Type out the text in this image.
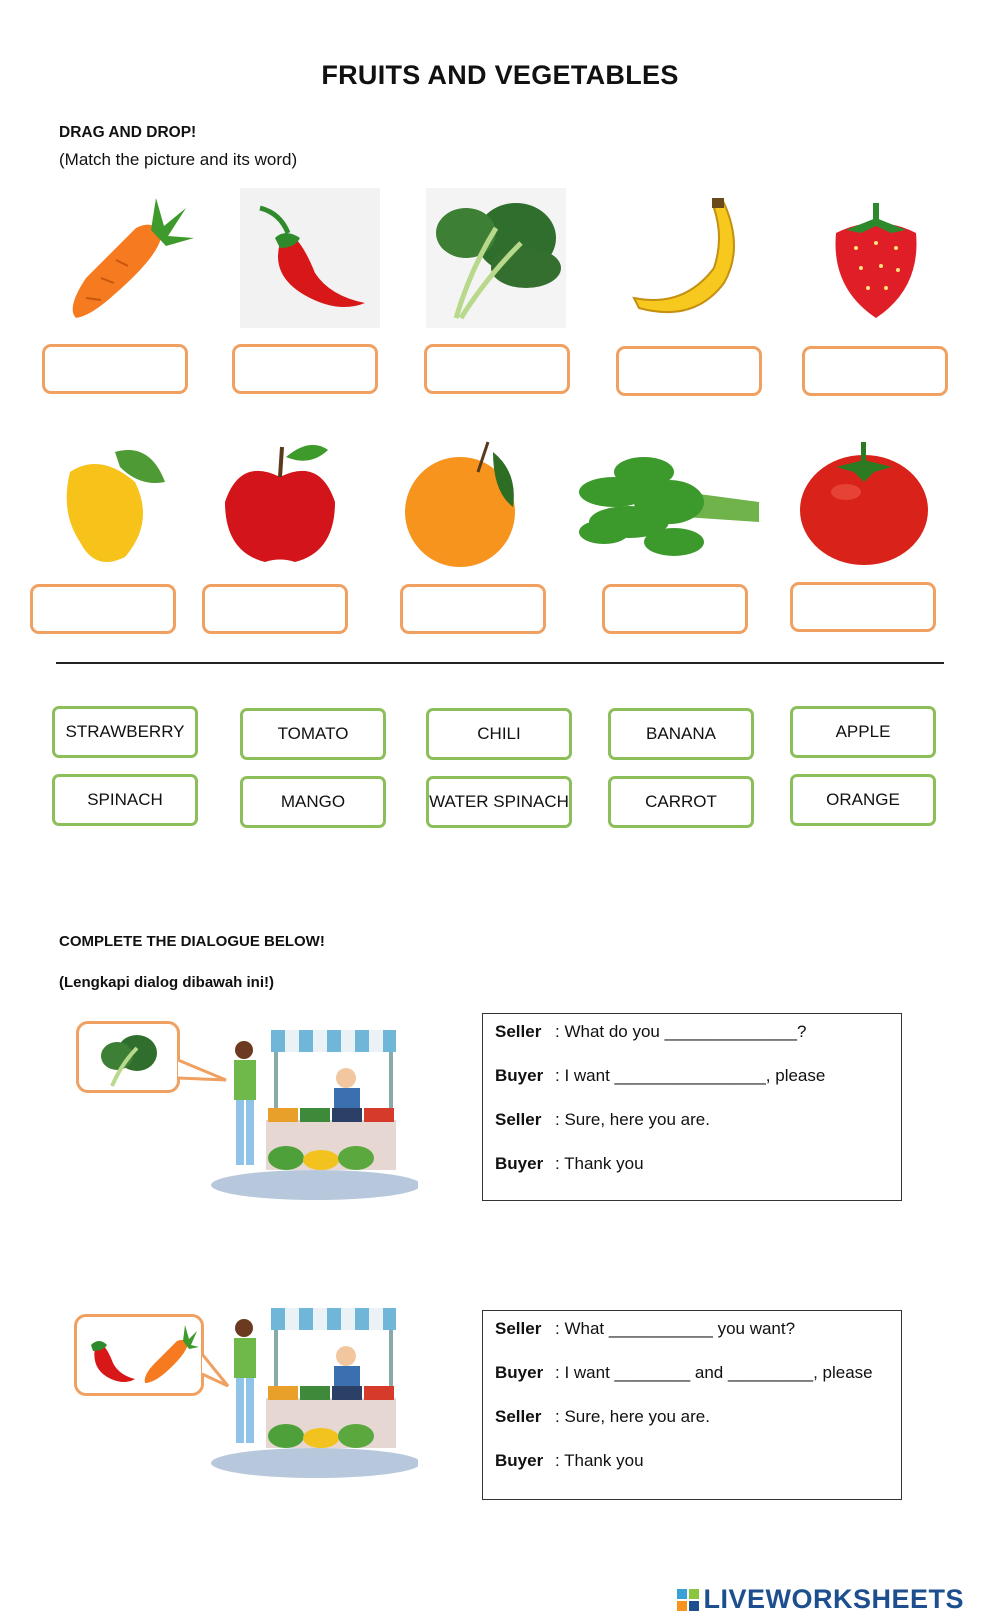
FRUITS AND VEGETABLES
DRAG AND DROP!
(Match the picture and its word)
STRAWBERRY	TOMATO	CHILI	BANANA	APPLE
SPINACH	MANGO	WATER SPINACH	CARROT	ORANGE
COMPLETE THE DIALOGUE BELOW!
(Lengkapi dialog dibawah ini!)
Seller : What do you ______________?
Buyer : I want ________________, please
Seller : Sure, here you are.
Buyer : Thank you
Seller : What ___________ you want?
Buyer : I want ________ and _________, please
Seller : Sure, here you are.
Buyer : Thank you
LIVEWORKSHEETS
